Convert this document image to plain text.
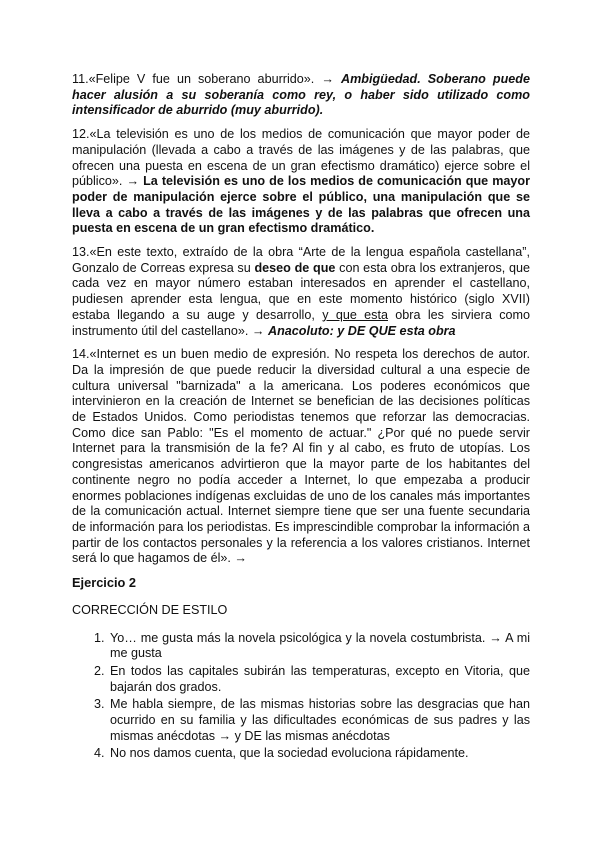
11.«Felipe V fue un soberano aburrido». → Ambigüedad. Soberano puede hacer alusión a su soberanía como rey, o haber sido utilizado como intensificador de aburrido (muy aburrido).

12.«La televisión es uno de los medios de comunicación que mayor poder de manipulación (llevada a cabo a través de las imágenes y de las palabras, que ofrecen una puesta en escena de un gran efectismo dramático) ejerce sobre el público». → La televisión es uno de los medios de comunicación que mayor poder de manipulación ejerce sobre el público, una manipulación que se lleva a cabo a través de las imágenes y de las palabras que ofrecen una puesta en escena de un gran efectismo dramático.

13.«En este texto, extraído de la obra “Arte de la lengua española castellana”, Gonzalo de Correas expresa su deseo de que con esta obra los extranjeros, que cada vez en mayor número estaban interesados en aprender el castellano, pudiesen aprender esta lengua, que en este momento histórico (siglo XVII) estaba llegando a su auge y desarrollo, y que esta obra les sirviera como instrumento útil del castellano». → Anacoluto: y DE QUE esta obra

14.«Internet es un buen medio de expresión. No respeta los derechos de autor. Da la impresión de que puede reducir la diversidad cultural a una especie de cultura universal "barnizada" a la americana. Los poderes económicos que intervinieron en la creación de Internet se benefician de las decisiones políticas de Estados Unidos. Como periodistas tenemos que reforzar las democracias. Como dice san Pablo: "Es el momento de actuar." ¿Por qué no puede servir Internet para la transmisión de la fe? Al fin y al cabo, es fruto de utopías. Los congresistas americanos advirtieron que la mayor parte de los habitantes del continente negro no podía acceder a Internet, lo que empezaba a producir enormes poblaciones indígenas excluidas de uno de los canales más importantes de la comunicación actual. Internet siempre tiene que ser una fuente secundaria de información para los periodistas. Es imprescindible comprobar la información a partir de los contactos personales y la referencia a los valores cristianos. Internet será lo que hagamos de él». →

Ejercicio 2
CORRECCIÓN DE ESTILO
1. Yo… me gusta más la novela psicológica y la novela costumbrista. → A mi me gusta
2. En todos las capitales subirán las temperaturas, excepto en Vitoria, que bajarán dos grados.
3. Me habla siempre, de las mismas historias sobre las desgracias que han ocurrido en su familia y las dificultades económicas de sus padres y las mismas anécdotas → y DE las mismas anécdotas
4. No nos damos cuenta, que la sociedad evoluciona rápidamente.
